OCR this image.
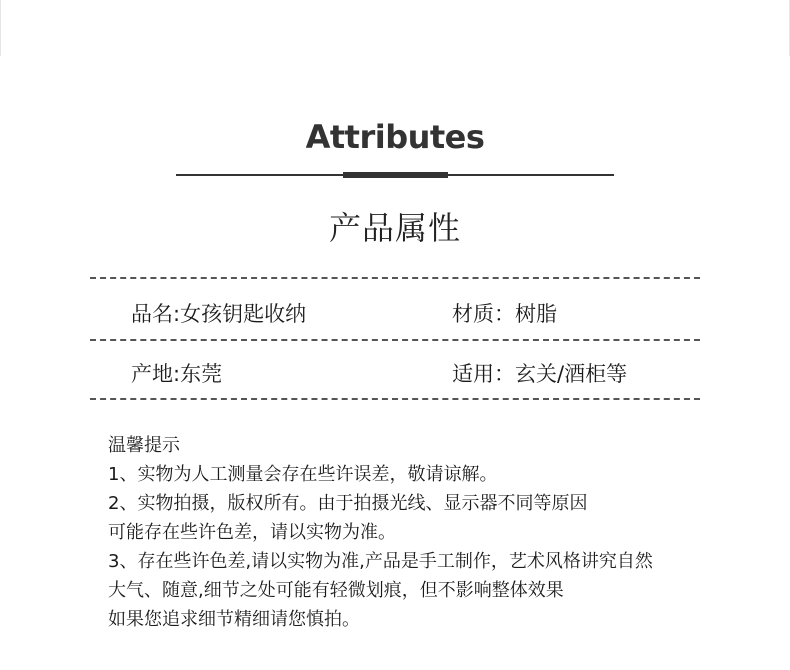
Attributes
产品属性
品名:女孩钥匙收纳	材质：树脂
产地:东莞	适用：玄关/酒柜等
温馨提示
1、实物为人工测量会存在些许误差，敬请谅解。
2、实物拍摄，版权所有。由于拍摄光线、显示器不同等原因
可能存在些许色差，请以实物为准。
3、存在些许色差,请以实物为准,产品是手工制作，艺术风格讲究自然
大气、随意,细节之处可能有轻微划痕，但不影响整体效果
如果您追求细节精细请您慎拍。
